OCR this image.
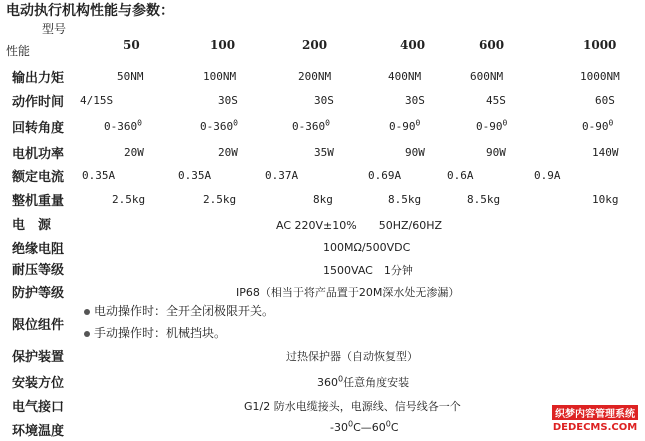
电动执行机构性能与参数：
型号
性能	50	100	200	400	600	1000
输出力矩	50NM	100NM	200NM	400NM	600NM	1000NM
动作时间 4/15S	30S	30S	30S	45S	60S
回转角度	$0-360^0$	$0-360^0$	$0-360^0$	$0-90^0$	$0-90^0$	$0-90^0$
电机功率	20W	20W	35W	90W	90W	140W
额定电流 0.35A	0.35A	0.37A	0.69A	0.6A	0.9A
整机重量	2.5kg	2.5kg	8kg	8.5kg	8.5kg	10kg
电　源	AC 220V±10%　　50HZ/60HZ
绝缘电阻	100MΩ/500VDC
耐压等级	1500VAC　1分钟
防护等级	IP68（相当于将产品置于20M深水处无渗漏）
限位组件
电动操作时：全开全闭极限开关。
手动操作时：机械挡块。
保护装置	过热保护器（自动恢复型）
安装方位	$360^0$任意角度安装
电气接口	G1/2 防水电缆接头，电源线、信号线各一个
环境温度	$-30^0C—60^0C$
织梦内容管理系统
DEDECMS.COM
